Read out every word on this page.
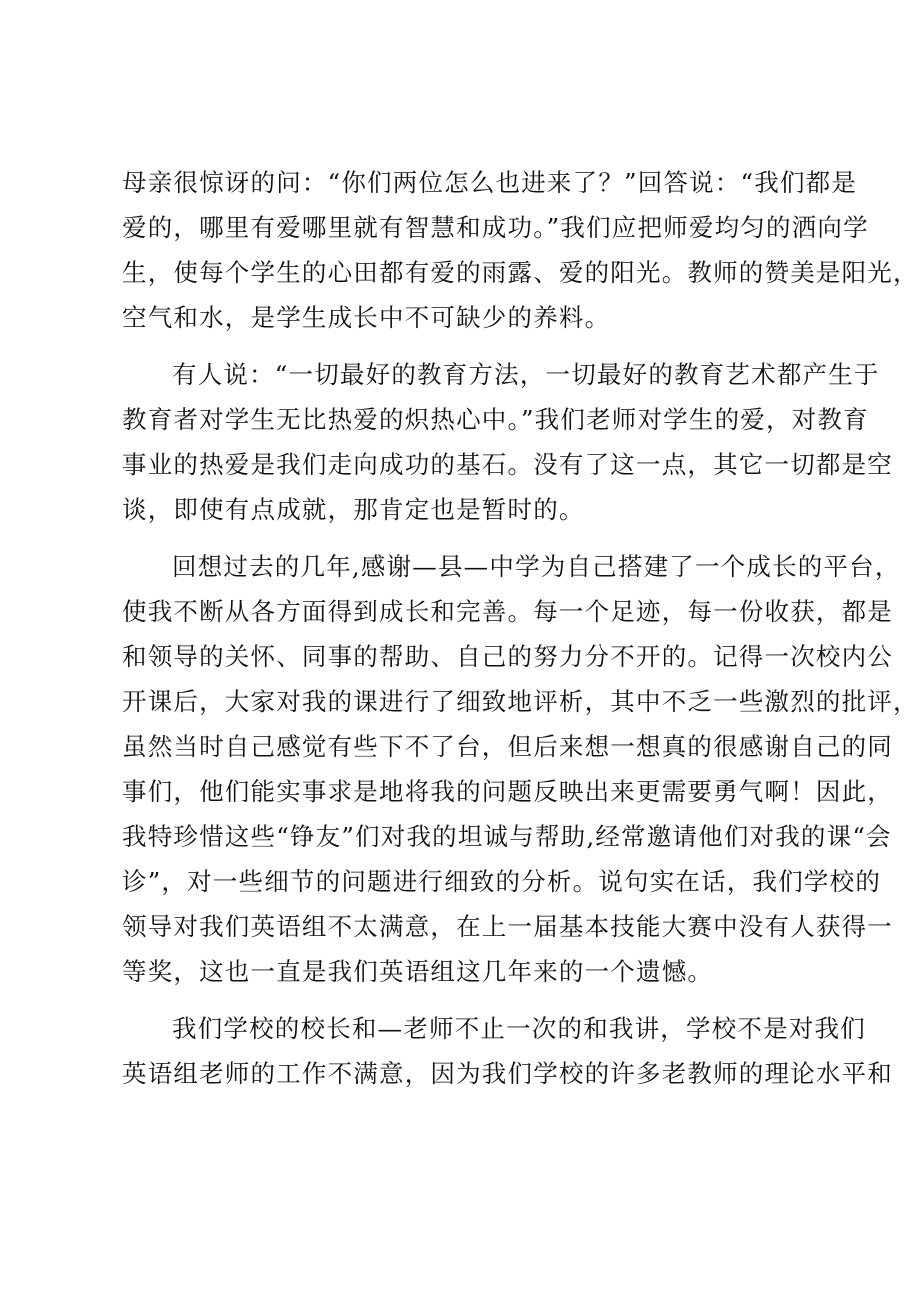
母亲很惊讶的问：“你们两位怎么也进来了？”回答说：“我们都是
爱的，哪里有爱哪里就有智慧和成功。”我们应把师爱均匀的洒向学
生，使每个学生的心田都有爱的雨露、爱的阳光。教师的赞美是阳光，
空气和水，是学生成长中不可缺少的养料。
有人说：“一切最好的教育方法，一切最好的教育艺术都产生于
教育者对学生无比热爱的炽热心中。”我们老师对学生的爱，对教育
事业的热爱是我们走向成功的基石。没有了这一点，其它一切都是空
谈，即使有点成就，那肯定也是暂时的。
回想过去的几年,感谢—县—中学为自己搭建了一个成长的平台，
使我不断从各方面得到成长和完善。每一个足迹，每一份收获，都是
和领导的关怀、同事的帮助、自己的努力分不开的。记得一次校内公
开课后，大家对我的课进行了细致地评析，其中不乏一些激烈的批评，
虽然当时自己感觉有些下不了台，但后来想一想真的很感谢自己的同
事们，他们能实事求是地将我的问题反映出来更需要勇气啊！因此，
我特珍惜这些“铮友”们对我的坦诚与帮助,经常邀请他们对我的课“会
诊”，对一些细节的问题进行细致的分析。说句实在话，我们学校的
领导对我们英语组不太满意，在上一届基本技能大赛中没有人获得一
等奖，这也一直是我们英语组这几年来的一个遗憾。
我们学校的校长和—老师不止一次的和我讲，学校不是对我们
英语组老师的工作不满意，因为我们学校的许多老教师的理论水平和
